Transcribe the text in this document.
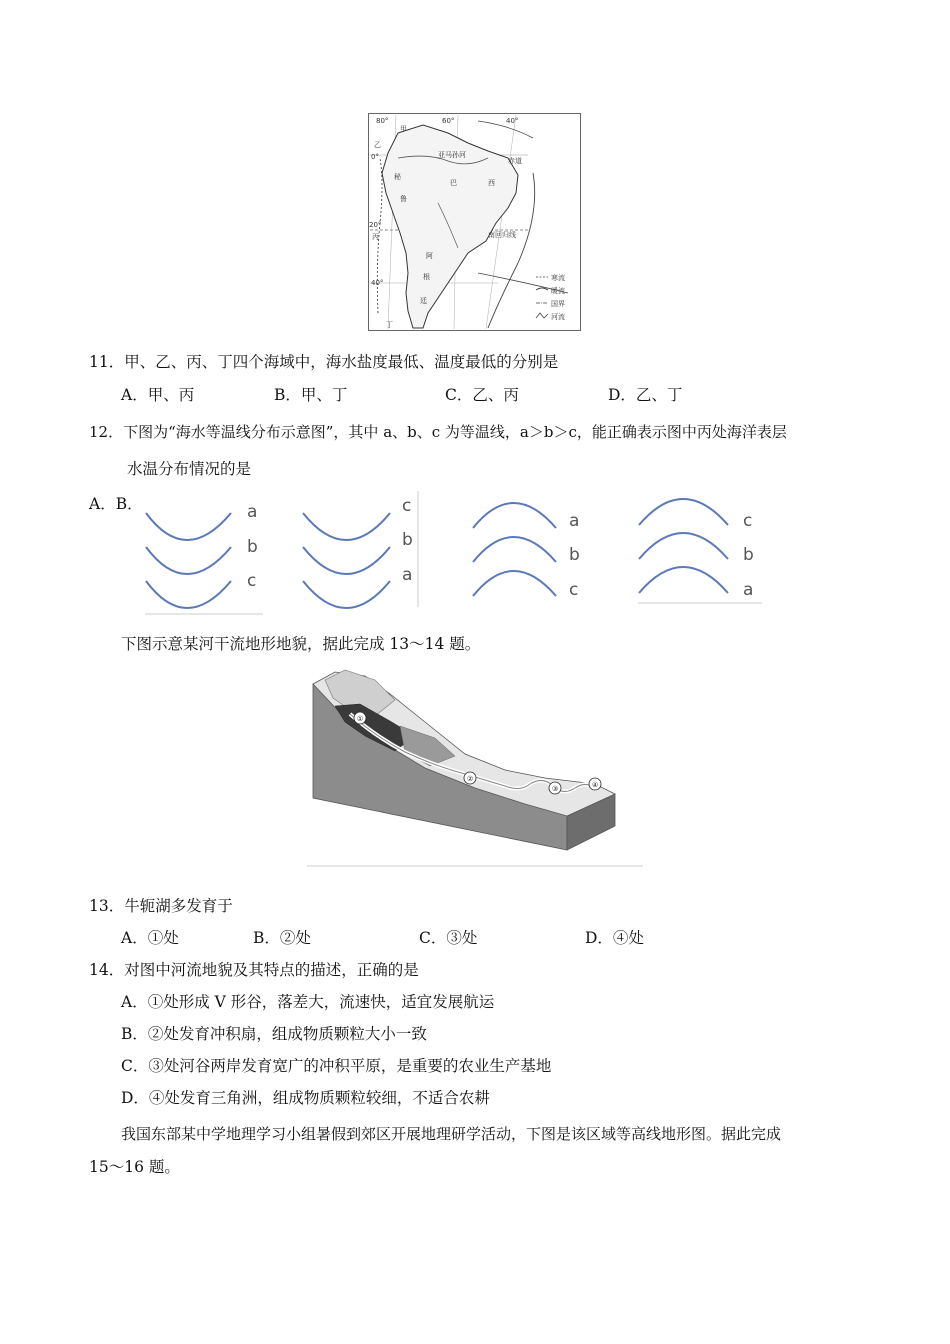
80°	60°	40°
0°
20°
40°
乙
甲
丙
丁
秘
鲁
巴	西
阿
根
廷
亚马孙河
赤道
南回归线
寒流
暖流
国界
河流
11．甲、乙、丙、丁四个海域中，海水盐度最低、温度最低的分别是
A．甲、丙	B．甲、丁	C．乙、丙	D．乙、丁
12．下图为“海水等温线分布示意图”，其中 a、b、c 为等温线，a＞b＞c，能正确表示图中丙处海洋表层
水温分布情况的是
A．B．	a
b
c
c
b
a
a
b
c
c
b
a
下图示意某河干流地形地貌，据此完成 13～14 题。
①
②
③	④
13．牛轭湖多发育于
A．①处	B．②处	C．③处	D．④处
14．对图中河流地貌及其特点的描述，正确的是
A．①处形成 V 形谷，落差大，流速快，适宜发展航运
B．②处发育冲积扇，组成物质颗粒大小一致
C．③处河谷两岸发育宽广的冲积平原，是重要的农业生产基地
D．④处发育三角洲，组成物质颗粒较细，不适合农耕
我国东部某中学地理学习小组暑假到郊区开展地理研学活动，下图是该区域等高线地形图。据此完成
15～16 题。
